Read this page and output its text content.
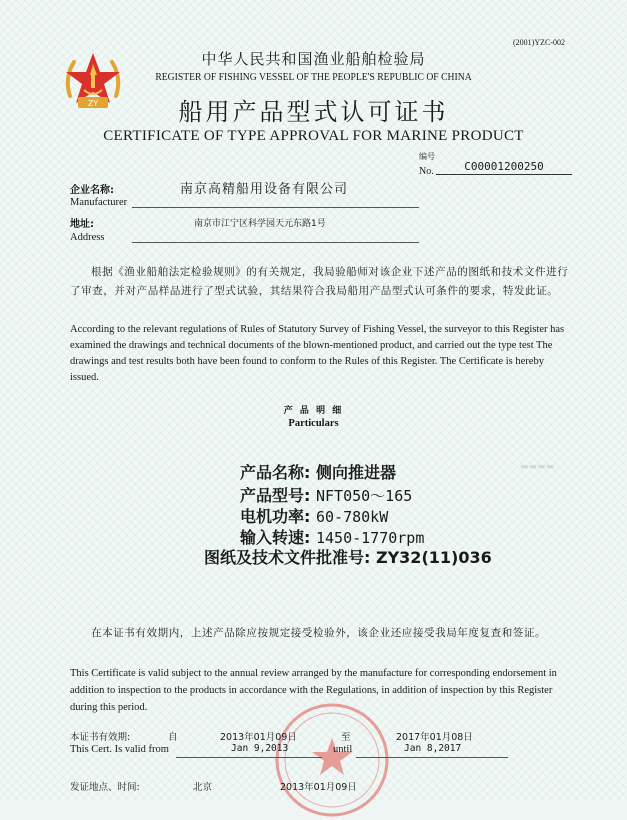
(2001)YZC-002
ZY
中华人民共和国渔业船舶检验局
REGISTER OF FISHING VESSEL OF THE PEOPLE'S REPUBLIC OF CHINA
船用产品型式认可证书
CERTIFICATE OF TYPE APPROVAL FOR MARINE PRODUCT
编号
No.	C00001200250
企业名称:
Manufacturer
南京高精船用设备有限公司
地址:
Address
南京市江宁区科学园天元东路1号
根据《渔业船舶法定检验规则》的有关规定，我局验船师对该企业下述产品的图纸和技术文件进行了审查，并对产品样品进行了型式试验，其结果符合我局船用产品型式认可条件的要求，特发此证。
According to the relevant regulations of Rules of Statutory Survey of Fishing Vessel, the surveyor to this Register has examined the drawings and technical documents of the blown-mentioned product, and carried out the type test The drawings and test results both have been found to conform to the Rules of this Register. The Certificate is hereby issued.
产 品 明 细
Particulars
▬▬▬▬
产品名称: 侧向推进器
产品型号: NFT050～165
电机功率: 60-780kW
输入转速: 1450-1770rpm
图纸及技术文件批准号: ZY32(11)036
在本证书有效期内，上述产品除应按规定接受检验外，该企业还应接受我局年度复查和签证。
This Certificate is valid subject to the annual review arranged by the manufacture for corresponding endorsement in addition to inspection to the products in accordance with the Regulations, in addition of inspection by this Register during this period.
本证书有效期:	自	2013年01月09日	至	2017年01月08日
This Cert. Is valid from	Jan 9,2013	until	Jan 8,2017
发证地点、时间:	北京	2013年01月09日
